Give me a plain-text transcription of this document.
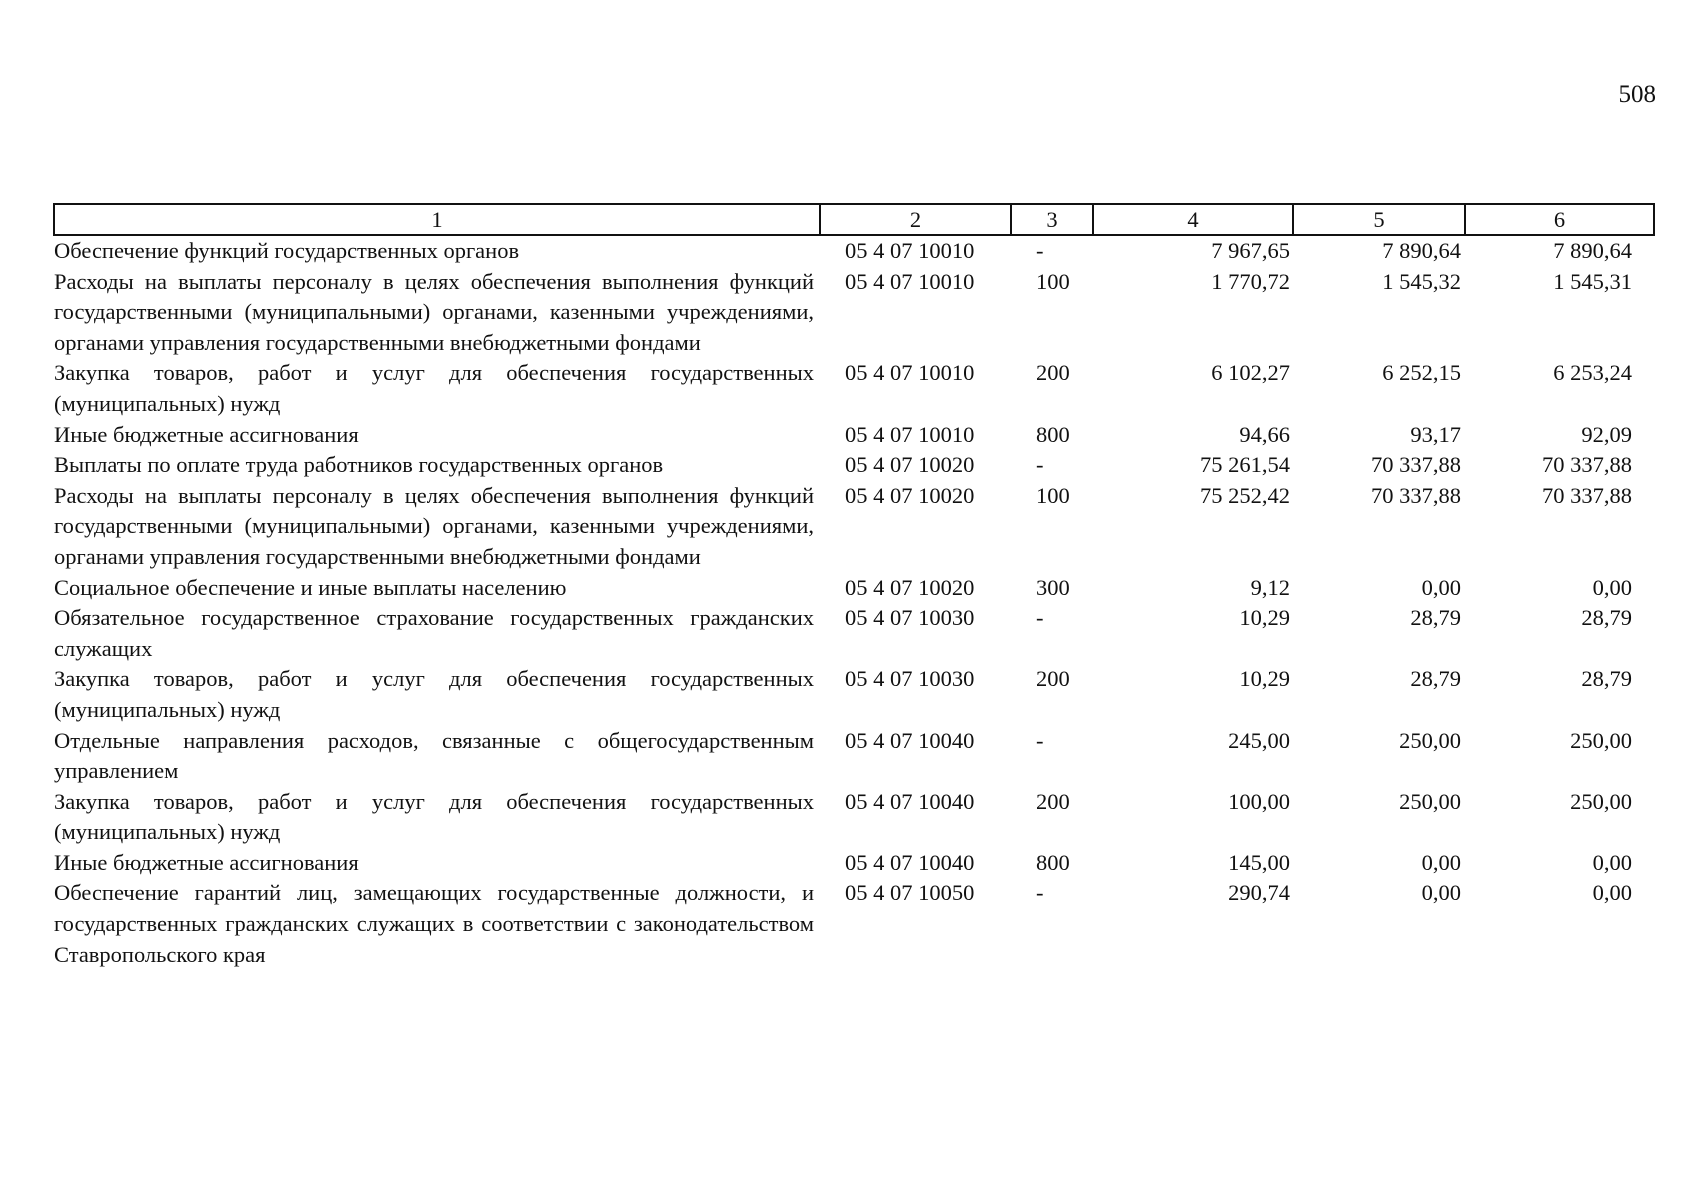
508
1	2	3	4	5	6
Обеспечение функций государственных органов	05 4 07 10010	-	7 967,65	7 890,64	7 890,64
Расходы на выплаты персоналу в целях обеспечения выполнения функций государственными (муниципальными) органами, казенными учреждениями, органами управления государственными внебюджетными фондами	05 4 07 10010	100	1 770,72	1 545,32	1 545,31
Закупка товаров, работ и услуг для обеспечения государственных (муниципальных) нужд	05 4 07 10010	200	6 102,27	6 252,15	6 253,24
Иные бюджетные ассигнования	05 4 07 10010	800	94,66	93,17	92,09
Выплаты по оплате труда работников государственных органов	05 4 07 10020	-	75 261,54	70 337,88	70 337,88
Расходы на выплаты персоналу в целях обеспечения выполнения функций государственными (муниципальными) органами, казенными учреждениями, органами управления государственными внебюджетными фондами	05 4 07 10020	100	75 252,42	70 337,88	70 337,88
Социальное обеспечение и иные выплаты населению	05 4 07 10020	300	9,12	0,00	0,00
Обязательное государственное страхование государственных гражданских служащих	05 4 07 10030	-	10,29	28,79	28,79
Закупка товаров, работ и услуг для обеспечения государственных (муниципальных) нужд	05 4 07 10030	200	10,29	28,79	28,79
Отдельные направления расходов, связанные с общегосударственным управлением	05 4 07 10040	-	245,00	250,00	250,00
Закупка товаров, работ и услуг для обеспечения государственных (муниципальных) нужд	05 4 07 10040	200	100,00	250,00	250,00
Иные бюджетные ассигнования	05 4 07 10040	800	145,00	0,00	0,00
Обеспечение гарантий лиц, замещающих государственные должности, и государственных гражданских служащих в соответствии с законодательством Ставропольского края	05 4 07 10050	-	290,74	0,00	0,00
